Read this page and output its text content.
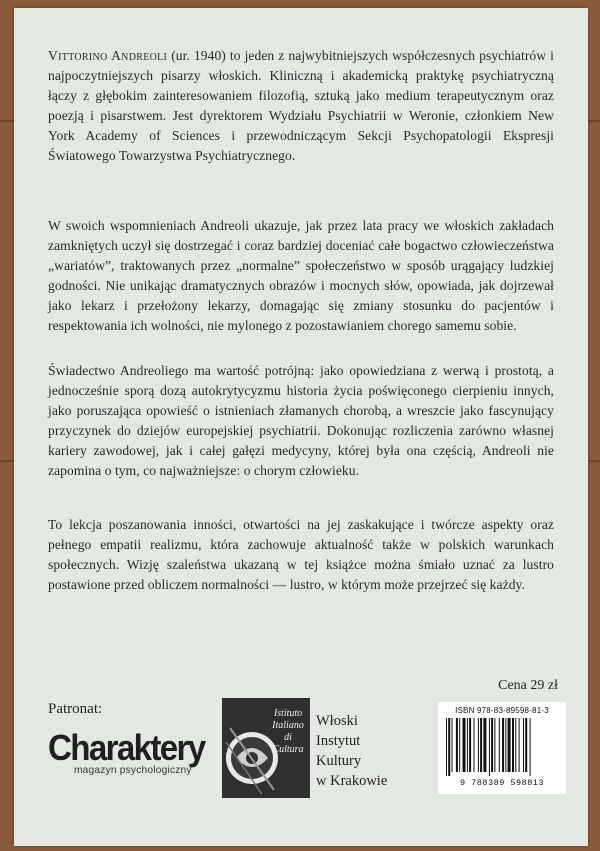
Vittorino Andreoli (ur. 1940) to jeden z najwybitniejszych współczesnych psychiatrów i najpoczytniejszych pisarzy włoskich. Kliniczną i akademicką praktykę psychiatryczną łączy z głębokim zainteresowaniem filozofią, sztuką jako medium terapeutycznym oraz poezją i pisarstwem. Jest dyrektorem Wydziału Psychiatrii w Weronie, członkiem New York Academy of Sciences i przewodniczącym Sekcji Psychopatologii Ekspresji Światowego Towarzystwa Psychiatrycznego.

W swoich wspomnieniach Andreoli ukazuje, jak przez lata pracy we włoskich zakładach zamkniętych uczył się dostrzegać i coraz bardziej doceniać całe bogactwo człowieczeństwa „wariatów”, traktowanych przez „normalne” społeczeństwo w sposób urągający ludzkiej godności. Nie unikając dramatycznych obrazów i mocnych słów, opowiada, jak dojrzewał jako lekarz i przełożony lekarzy, domagając się zmiany stosunku do pacjentów i respektowania ich wolności, nie mylonego z pozostawianiem chorego samemu sobie.

Świadectwo Andreoliego ma wartość potrójną: jako opowiedziana z werwą i prostotą, a jednocześnie sporą dozą autokrytycyzmu historia życia poświęconego cierpieniu innych, jako poruszająca opowieść o istnieniach złamanych chorobą, a wreszcie jako fascynujący przyczynek do dziejów europejskiej psychiatrii. Dokonując rozliczenia zarówno własnej kariery zawodowej, jak i całej gałęzi medycyny, której była ona częścią, Andreoli nie zapomina o tym, co najważniejsze: o chorym człowieku.

To lekcja poszanowania inności, otwartości na jej zaskakujące i twórcze aspekty oraz pełnego empatii realizmu, która zachowuje aktualność także w polskich warunkach społecznych. Wizję szaleństwa ukazaną w tej książce można śmiało uznać za lustro postawione przed obliczem normalności — lustro, w którym może przejrzeć się każdy.

Cena 29 zł
Patronat:
Charaktery
magazyn psychologiczny
Istituto
Italiano
di
Cultura
Włoski
Instytut
Kultury
w Krakowie
ISBN 978-83-89598-81-3
9 788389 598813
